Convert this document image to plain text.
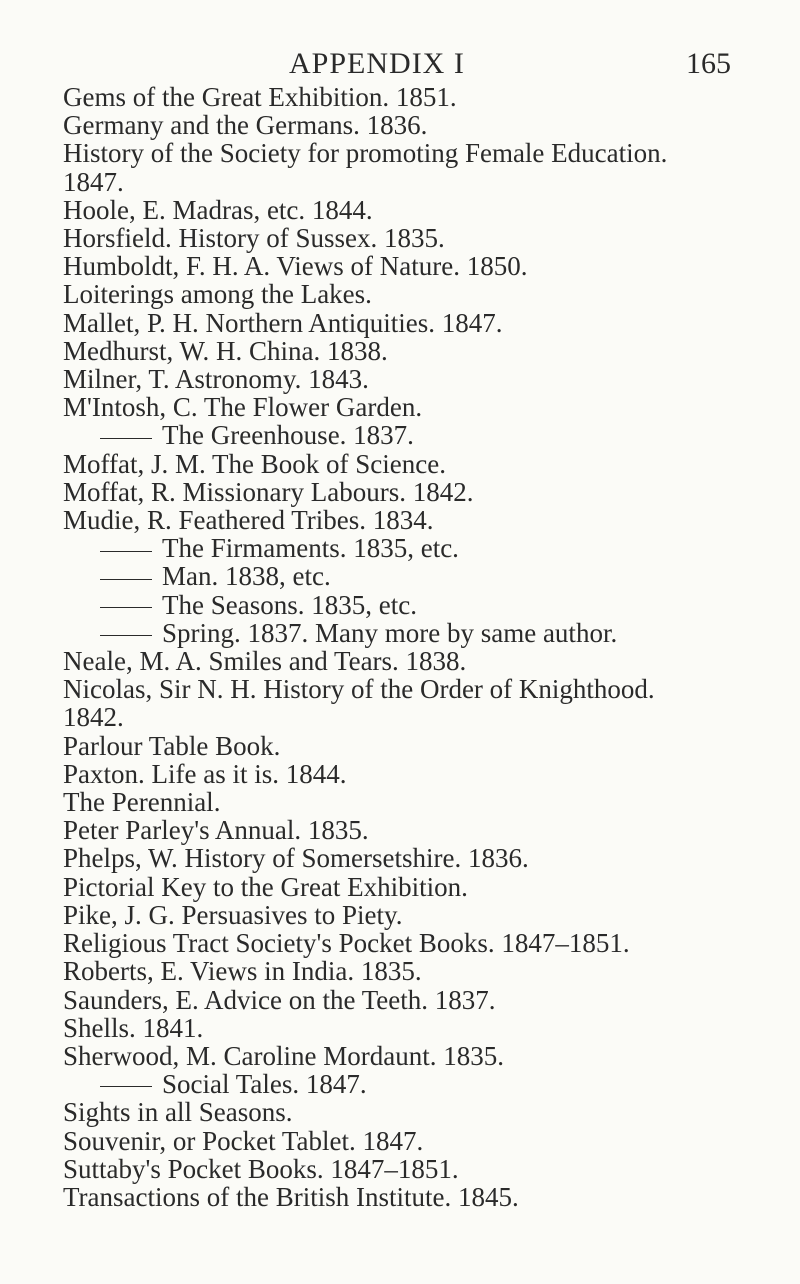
APPENDIX I	165
Gems of the Great Exhibition. 1851.
Germany and the Germans. 1836.
History of the Society for promoting Female Education.
1847.
Hoole, E. Madras, etc. 1844.
Horsfield. History of Sussex. 1835.
Humboldt, F. H. A. Views of Nature. 1850.
Loiterings among the Lakes.
Mallet, P. H. Northern Antiquities. 1847.
Medhurst, W. H. China. 1838.
Milner, T. Astronomy. 1843.
M'Intosh, C. The Flower Garden.
The Greenhouse. 1837.
Moffat, J. M. The Book of Science.
Moffat, R. Missionary Labours. 1842.
Mudie, R. Feathered Tribes. 1834.
The Firmaments. 1835, etc.
Man. 1838, etc.
The Seasons. 1835, etc.
Spring. 1837. Many more by same author.
Neale, M. A. Smiles and Tears. 1838.
Nicolas, Sir N. H. History of the Order of Knighthood.
1842.
Parlour Table Book.
Paxton. Life as it is. 1844.
The Perennial.
Peter Parley's Annual. 1835.
Phelps, W. History of Somersetshire. 1836.
Pictorial Key to the Great Exhibition.
Pike, J. G. Persuasives to Piety.
Religious Tract Society's Pocket Books. 1847–1851.
Roberts, E. Views in India. 1835.
Saunders, E. Advice on the Teeth. 1837.
Shells. 1841.
Sherwood, M. Caroline Mordaunt. 1835.
Social Tales. 1847.
Sights in all Seasons.
Souvenir, or Pocket Tablet. 1847.
Suttaby's Pocket Books. 1847–1851.
Transactions of the British Institute. 1845.
